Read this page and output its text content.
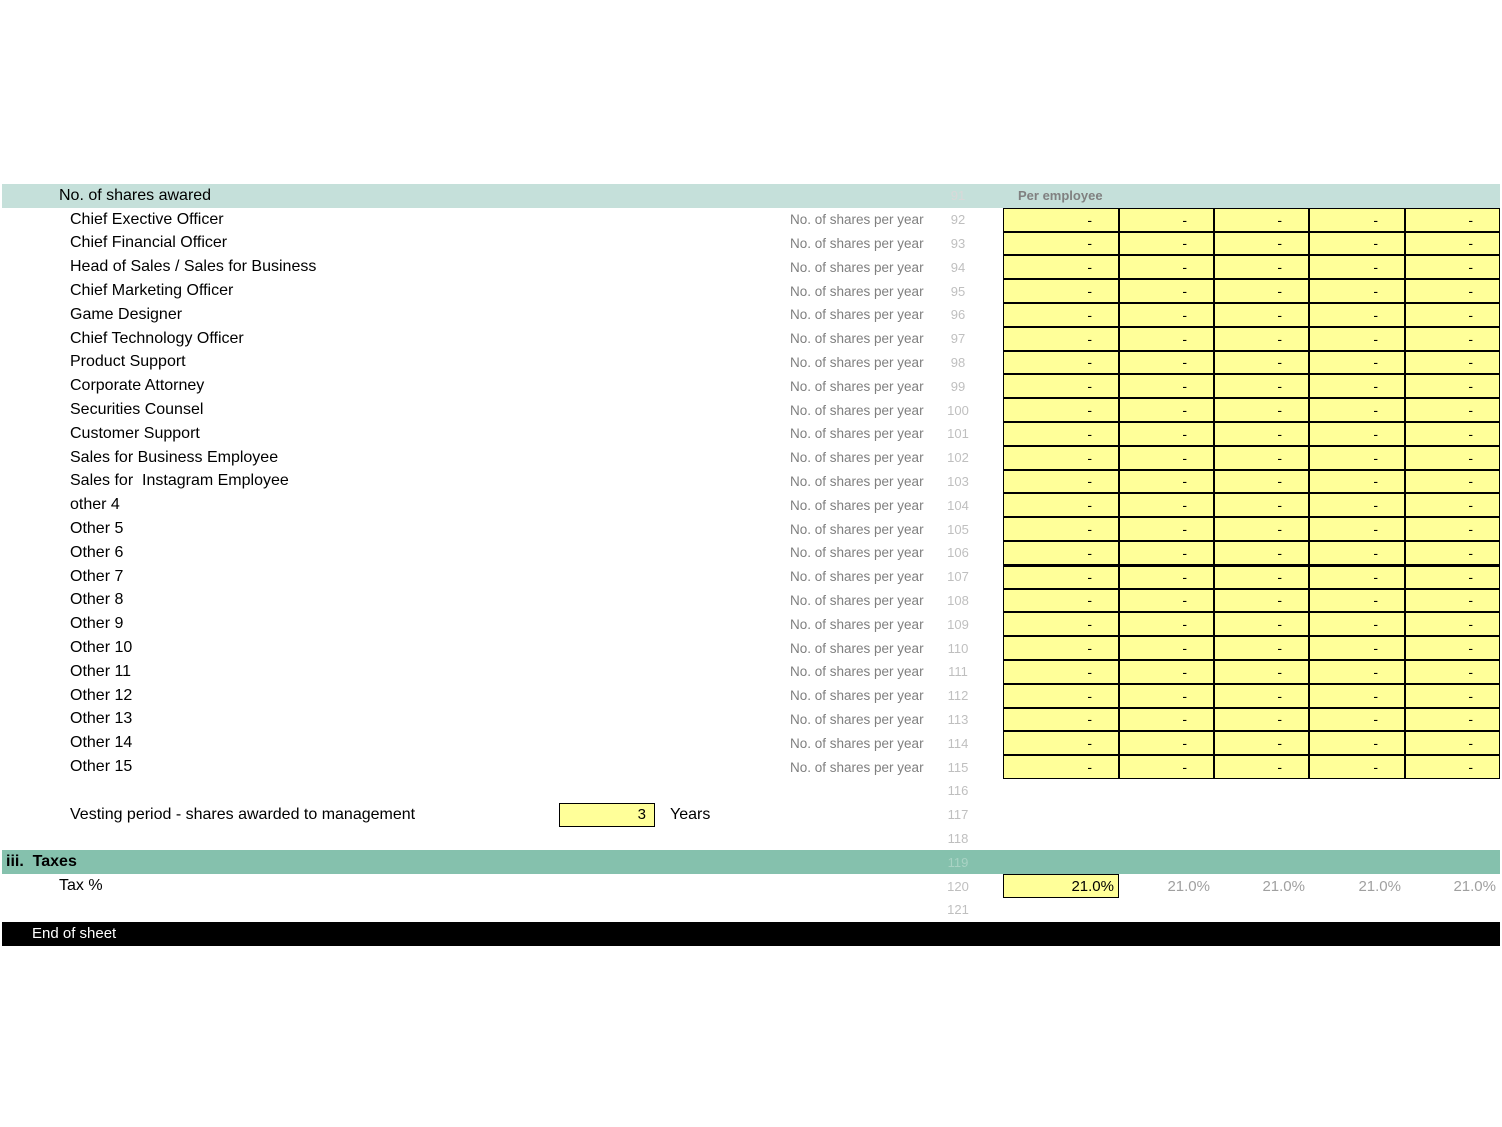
No. of shares awared	91	Per employee
Chief Exective Officer	No. of shares per year	92	-	-	-	-	-
Chief Financial Officer	No. of shares per year	93	-	-	-	-	-
Head of Sales / Sales for Business	No. of shares per year	94	-	-	-	-	-
Chief Marketing Officer	No. of shares per year	95	-	-	-	-	-
Game Designer	No. of shares per year	96	-	-	-	-	-
Chief Technology Officer	No. of shares per year	97	-	-	-	-	-
Product Support	No. of shares per year	98	-	-	-	-	-
Corporate Attorney	No. of shares per year	99	-	-	-	-	-
Securities Counsel	No. of shares per year	100	-	-	-	-	-
Customer Support	No. of shares per year	101	-	-	-	-	-
Sales for Business Employee	No. of shares per year	102	-	-	-	-	-
Sales for  Instagram Employee	No. of shares per year	103	-	-	-	-	-
other 4	No. of shares per year	104	-	-	-	-	-
Other 5	No. of shares per year	105	-	-	-	-	-
Other 6	No. of shares per year	106	-	-	-	-	-
Other 7	No. of shares per year	107	-	-	-	-	-
Other 8	No. of shares per year	108	-	-	-	-	-
Other 9	No. of shares per year	109	-	-	-	-	-
Other 10	No. of shares per year	110	-	-	-	-	-
Other 11	No. of shares per year	111	-	-	-	-	-
Other 12	No. of shares per year	112	-	-	-	-	-
Other 13	No. of shares per year	113	-	-	-	-	-
Other 14	No. of shares per year	114	-	-	-	-	-
Other 15	No. of shares per year	115	-	-	-	-	-
116
Vesting period - shares awarded to management	3	Years	117
118
iii.  Taxes	119
Tax %	120	21.0%	21.0%	21.0%	21.0%	21.0%
121
End of sheet
